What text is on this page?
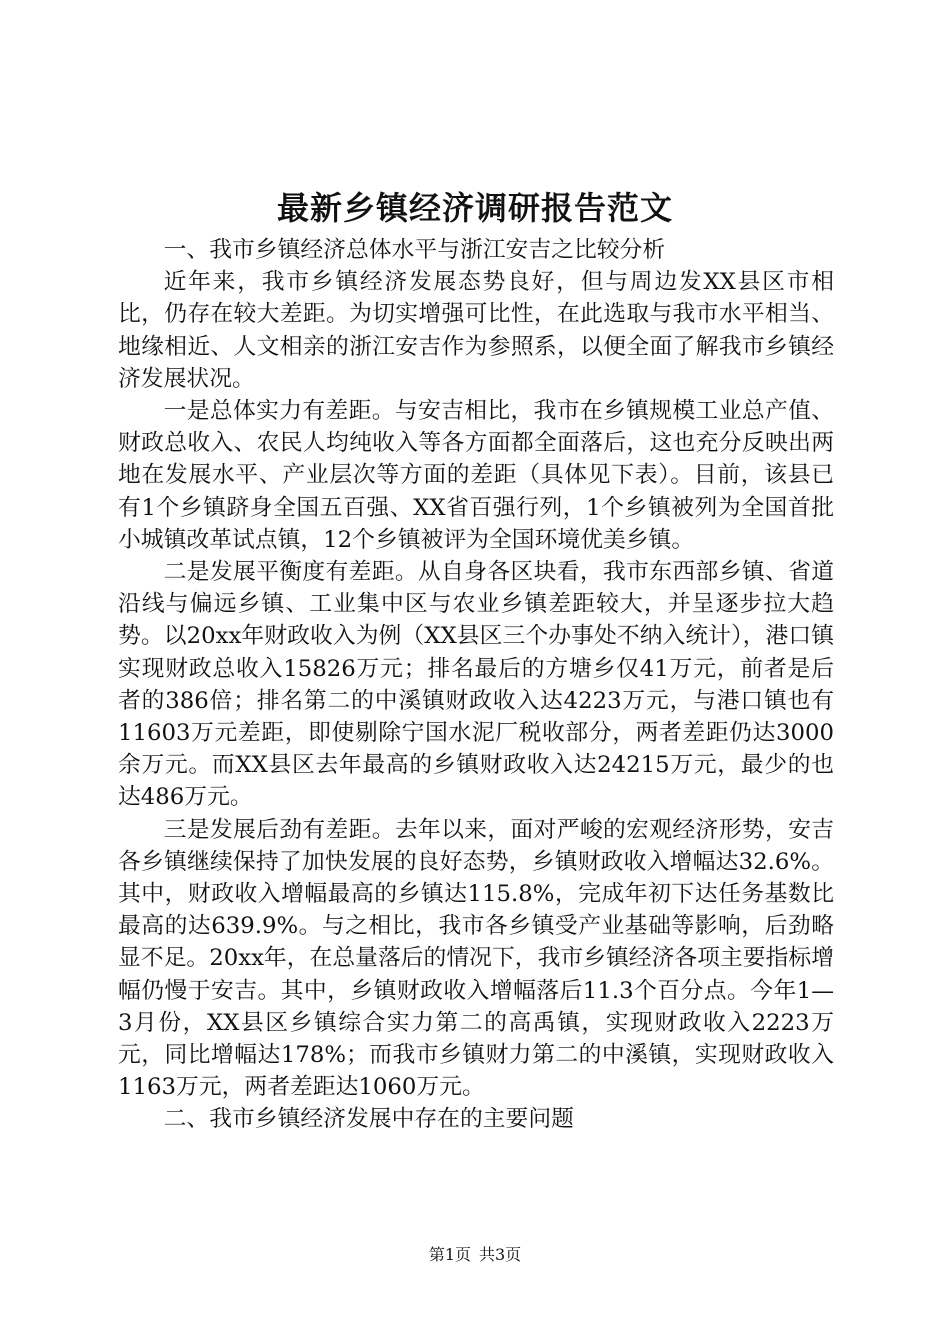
最新乡镇经济调研报告范文

一、我市乡镇经济总体水平与浙江安吉之比较分析

近年来，我市乡镇经济发展态势良好，但与周边发XX县区市相比，仍存在较大差距。为切实增强可比性，在此选取与我市水平相当、地缘相近、人文相亲的浙江安吉作为参照系，以便全面了解我市乡镇经济发展状况。

一是总体实力有差距。与安吉相比，我市在乡镇规模工业总产值、财政总收入、农民人均纯收入等各方面都全面落后，这也充分反映出两地在发展水平、产业层次等方面的差距（具体见下表）。目前，该县已有1个乡镇跻身全国五百强、XX省百强行列，1个乡镇被列为全国首批小城镇改革试点镇，12个乡镇被评为全国环境优美乡镇。

二是发展平衡度有差距。从自身各区块看，我市东西部乡镇、省道沿线与偏远乡镇、工业集中区与农业乡镇差距较大，并呈逐步拉大趋势。以20xx年财政收入为例（XX县区三个办事处不纳入统计），港口镇实现财政总收入15826万元；排名最后的方塘乡仅41万元，前者是后者的386倍；排名第二的中溪镇财政收入达4223万元，与港口镇也有11603万元差距，即使剔除宁国水泥厂税收部分，两者差距仍达3000余万元。而XX县区去年最高的乡镇财政收入达24215万元，最少的也达486万元。

三是发展后劲有差距。去年以来，面对严峻的宏观经济形势，安吉各乡镇继续保持了加快发展的良好态势，乡镇财政收入增幅达32.6%。其中，财政收入增幅最高的乡镇达115.8%，完成年初下达任务基数比最高的达639.9%。与之相比，我市各乡镇受产业基础等影响，后劲略显不足。20xx年，在总量落后的情况下，我市乡镇经济各项主要指标增幅仍慢于安吉。其中，乡镇财政收入增幅落后11.3个百分点。今年1—3月份，XX县区乡镇综合实力第二的高禹镇，实现财政收入2223万元，同比增幅达178%；而我市乡镇财力第二的中溪镇，实现财政收入1163万元，两者差距达1060万元。

二、我市乡镇经济发展中存在的主要问题

第1页 共3页
